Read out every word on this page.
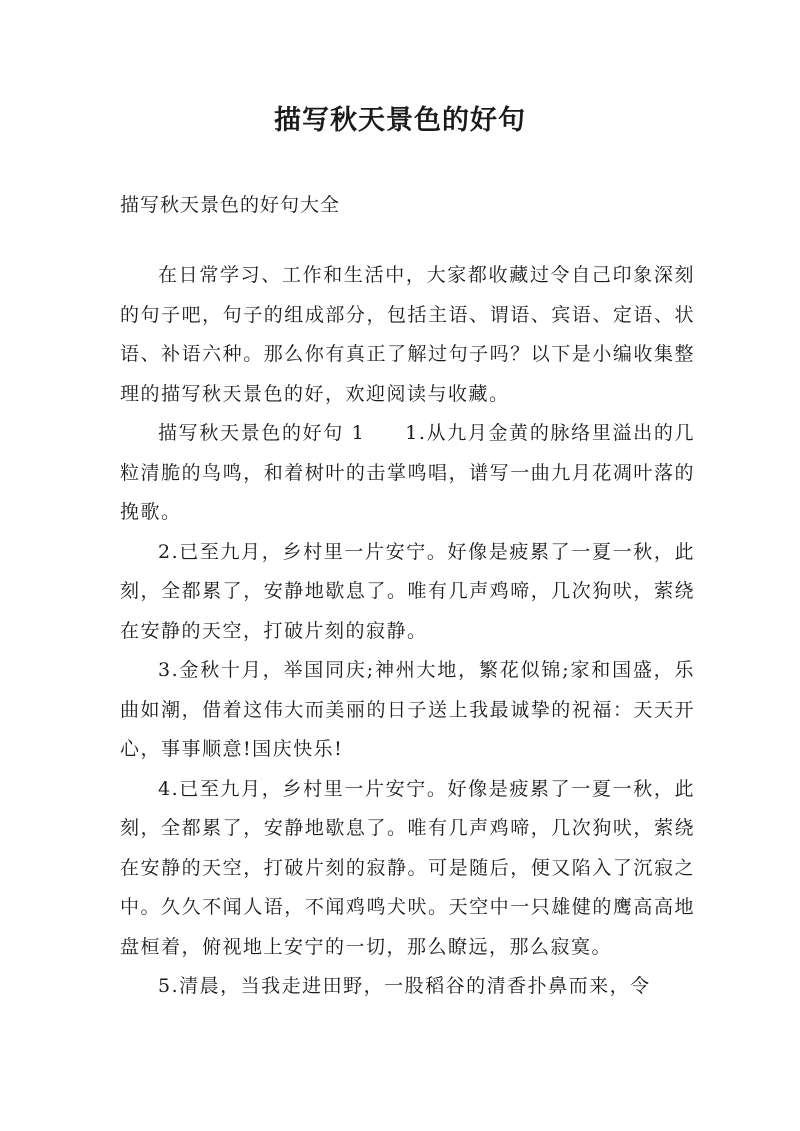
描写秋天景色的好句
描写秋天景色的好句大全

在日常学习、工作和生活中，大家都收藏过令自己印象深刻的句子吧，句子的组成部分，包括主语、谓语、宾语、定语、状语、补语六种。那么你有真正了解过句子吗？以下是小编收集整理的描写秋天景色的好，欢迎阅读与收藏。

描写秋天景色的好句 1 1.从九月金黄的脉络里溢出的几粒清脆的鸟鸣，和着树叶的击掌鸣唱，谱写一曲九月花凋叶落的挽歌。

2.已至九月，乡村里一片安宁。好像是疲累了一夏一秋，此刻，全都累了，安静地歇息了。唯有几声鸡啼，几次狗吠，萦绕在安静的天空，打破片刻的寂静。

3.金秋十月，举国同庆;神州大地，繁花似锦;家和国盛，乐曲如潮，借着这伟大而美丽的日子送上我最诚挚的祝福：天天开心，事事顺意!国庆快乐!

4.已至九月，乡村里一片安宁。好像是疲累了一夏一秋，此刻，全都累了，安静地歇息了。唯有几声鸡啼，几次狗吠，萦绕在安静的天空，打破片刻的寂静。可是随后，便又陷入了沉寂之中。久久不闻人语，不闻鸡鸣犬吠。天空中一只雄健的鹰高高地盘桓着，俯视地上安宁的一切，那么瞭远，那么寂寞。

5.清晨，当我走进田野，一股稻谷的清香扑鼻而来，令
